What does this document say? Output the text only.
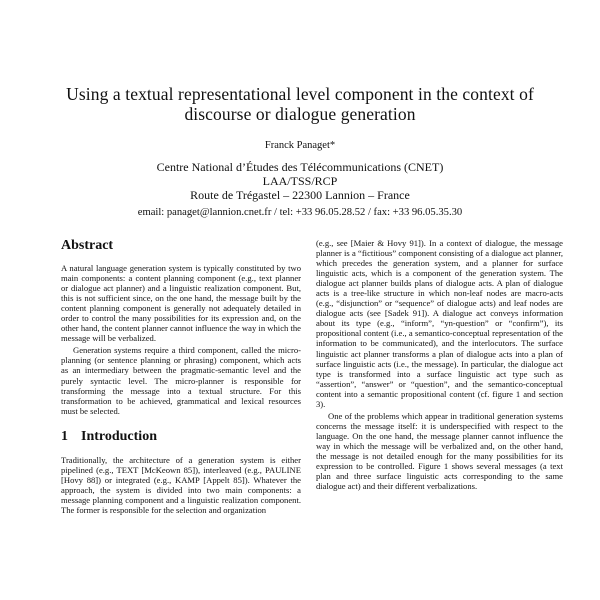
Using a textual representational level component in the context of
discourse or dialogue generation
Franck Panaget*
Centre National d’Études des Télécommunications (CNET)
LAA/TSS/RCP
Route de Trégastel – 22300 Lannion – France
email: panaget@lannion.cnet.fr / tel: +33 96.05.28.52 / fax: +33 96.05.35.30
Abstract

A natural language generation system is typically constituted by two main components: a content planning component (e.g., text planner or dialogue act planner) and a linguistic realization component. But, this is not sufficient since, on the one hand, the message built by the content planning component is generally not adequately detailed in order to control the many possibilities for its expression and, on the other hand, the content planner cannot influence the way in which the message will be verbalized.

Generation systems require a third component, called the micro-planning (or sentence planning or phrasing) component, which acts as an intermediary between the pragmatic-semantic level and the purely syntactic level. The micro-planner is responsible for transforming the message into a textual structure. For this transformation to be achieved, grammatical and lexical resources must be selected.

1 Introduction

Traditionally, the architecture of a generation system is either pipelined (e.g., TEXT [McKeown 85]), interleaved (e.g., PAULINE [Hovy 88]) or integrated (e.g., KAMP [Appelt 85]). Whatever the approach, the system is divided into two main components: a message planning component and a linguistic realization component. The former is responsible for the selection and organization

(e.g., see [Maier & Hovy 91]). In a context of dialogue, the message planner is a “fictitious” component consisting of a dialogue act planner, which precedes the generation system, and a planner for surface linguistic acts, which is a component of the generation system. The dialogue act planner builds plans of dialogue acts. A plan of dialogue acts is a tree-like structure in which non-leaf nodes are macro-acts (e.g., “disjunction” or “sequence” of dialogue acts) and leaf nodes are dialogue acts (see [Sadek 91]). A dialogue act conveys information about its type (e.g., “inform”, “yn-question” or “confirm”), its propositional content (i.e., a semantico-conceptual representation of the information to be communicated), and the interlocutors. The surface linguistic act planner transforms a plan of dialogue acts into a plan of surface linguistic acts (i.e., the message). In particular, the dialogue act type is transformed into a surface linguistic act type such as “assertion”, “answer” or “question”, and the semantico-conceptual content into a semantic propositional content (cf. figure 1 and section 3).

One of the problems which appear in traditional generation systems concerns the message itself: it is underspecified with respect to the language. On the one hand, the message planner cannot influence the way in which the message will be verbalized and, on the other hand, the message is not detailed enough for the many possibilities for its expression to be controlled. Figure 1 shows several messages (a text plan and three surface linguistic acts corresponding to the same dialogue act) and their different verbalizations.
